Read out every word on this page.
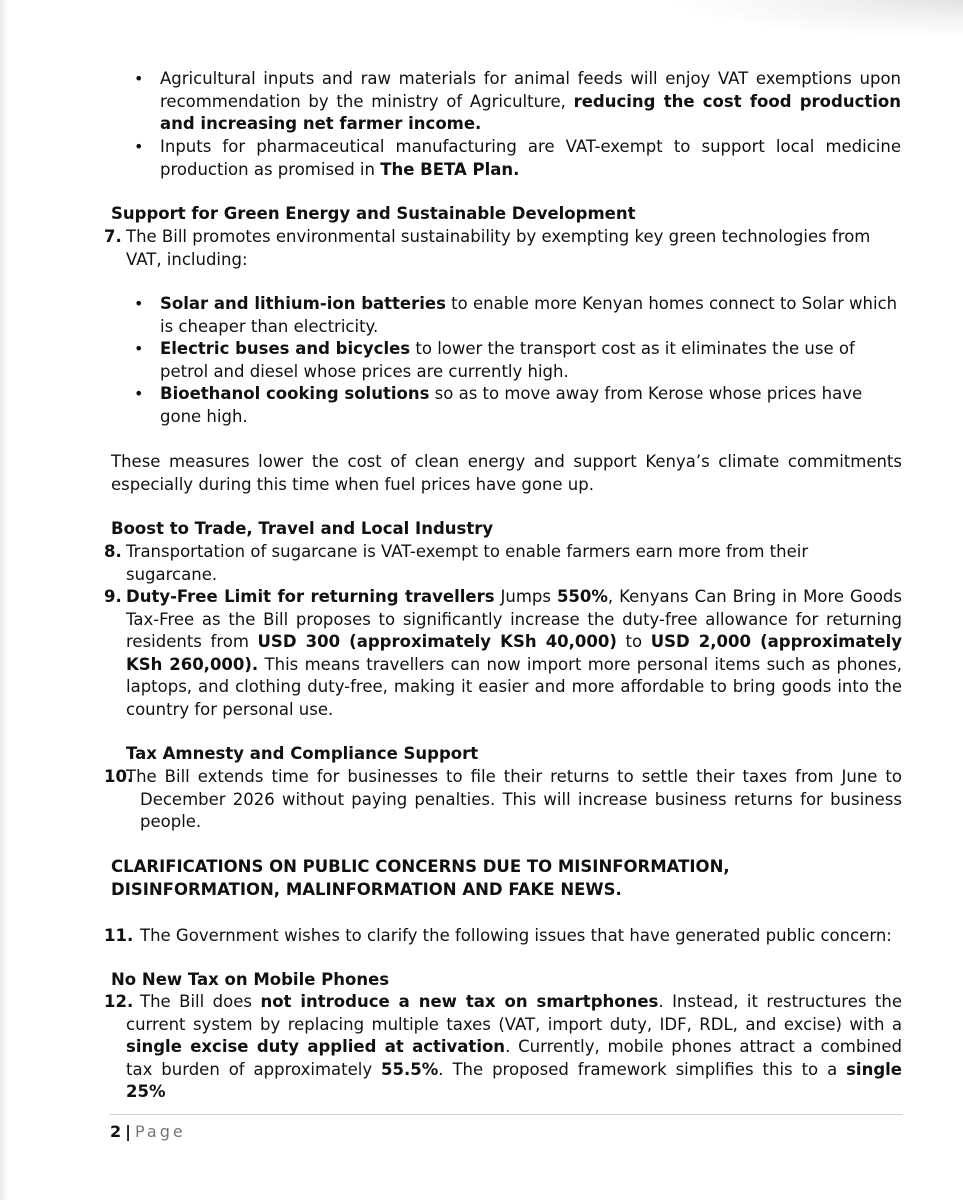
• Agricultural inputs and raw materials for animal feeds will enjoy VAT exemptions upon recommendation by the ministry of Agriculture, reducing the cost food production and increasing net farmer income.
• Inputs for pharmaceutical manufacturing are VAT-exempt to support local medicine production as promised in The BETA Plan.
Support for Green Energy and Sustainable Development
7. The Bill promotes environmental sustainability by exempting key green technologies from VAT, including:
• Solar and lithium-ion batteries to enable more Kenyan homes connect to Solar which is cheaper than electricity.
• Electric buses and bicycles to lower the transport cost as it eliminates the use of petrol and diesel whose prices are currently high.
• Bioethanol cooking solutions so as to move away from Kerose whose prices have gone high.
These measures lower the cost of clean energy and support Kenya’s climate commitments especially during this time when fuel prices have gone up.
Boost to Trade, Travel and Local Industry
8. Transportation of sugarcane is VAT-exempt to enable farmers earn more from their sugarcane.
9. Duty-Free Limit for returning travellers Jumps 550%, Kenyans Can Bring in More Goods Tax-Free as the Bill proposes to significantly increase the duty-free allowance for returning residents from USD 300 (approximately KSh 40,000) to USD 2,000 (approximately KSh 260,000). This means travellers can now import more personal items such as phones, laptops, and clothing duty-free, making it easier and more affordable to bring goods into the country for personal use.
Tax Amnesty and Compliance Support
10.
The Bill extends time for businesses to file their returns to settle their taxes from June to December 2026 without paying penalties. This will increase business returns for business people.
CLARIFICATIONS ON PUBLIC CONCERNS DUE TO MISINFORMATION,
DISINFORMATION, MALINFORMATION AND FAKE NEWS.
11. The Government wishes to clarify the following issues that have generated public concern:
No New Tax on Mobile Phones
12. The Bill does not introduce a new tax on smartphones. Instead, it restructures the current system by replacing multiple taxes (VAT, import duty, IDF, RDL, and excise) with a single excise duty applied at activation. Currently, mobile phones attract a combined tax burden of approximately 55.5%. The proposed framework simplifies this to a single 25%
2 | Page
